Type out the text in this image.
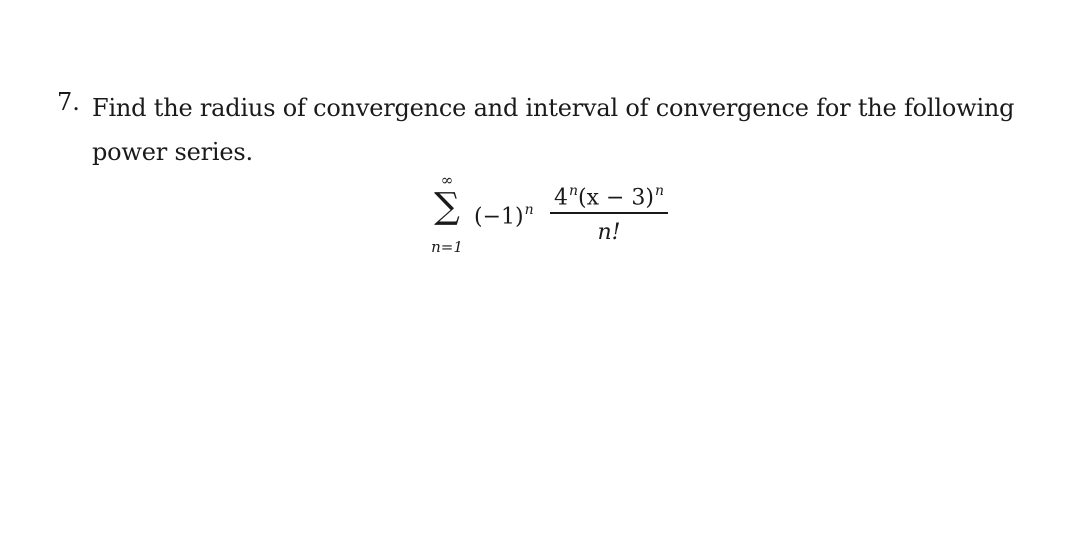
7. Find the radius of convergence and interval of convergence for the following power series.
∞
∑
n=1
$(-1)^n$ $4^n(x - 3)^n$
n!
